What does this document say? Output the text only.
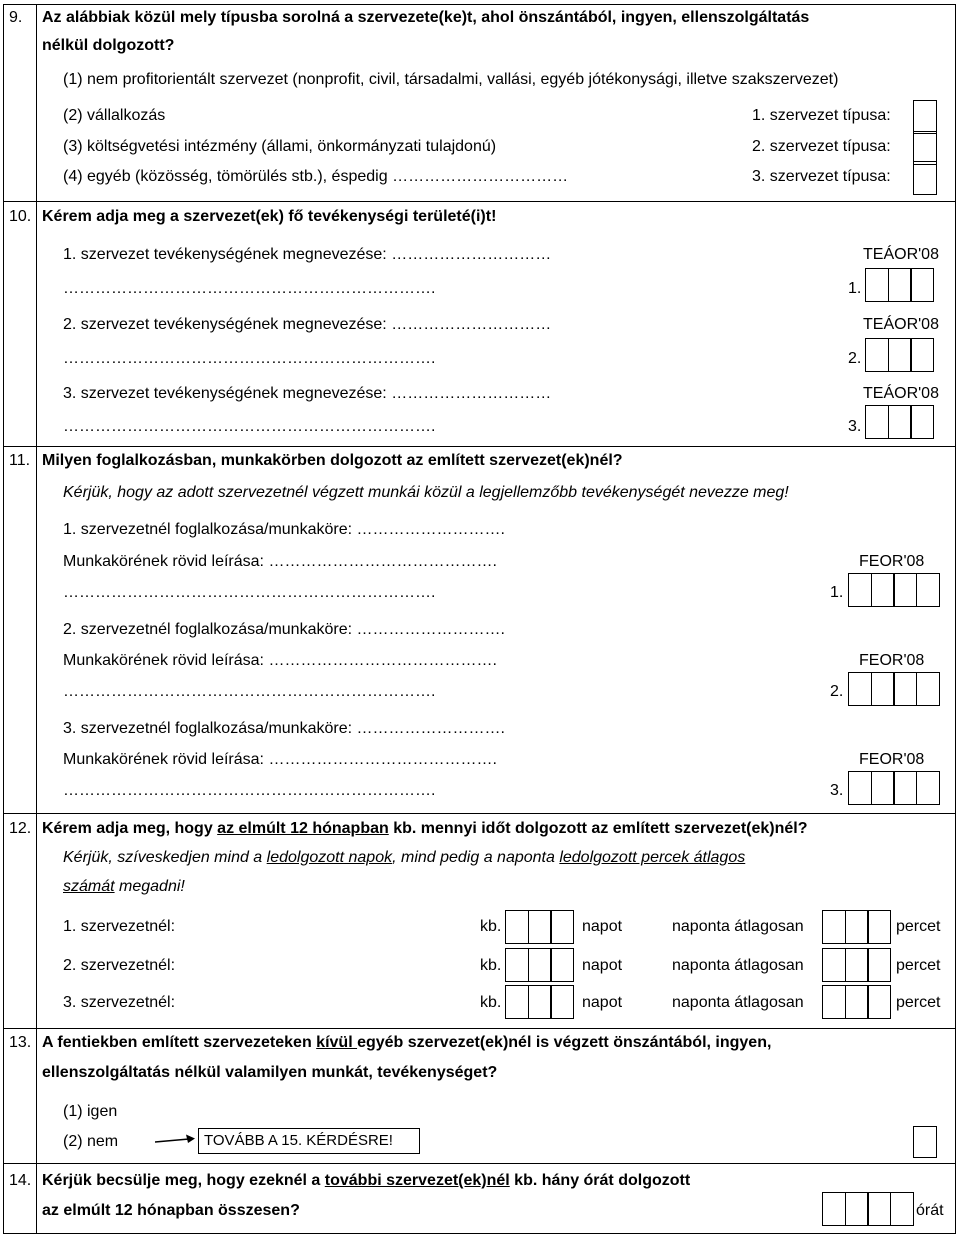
9. Az alábbiak közül mely típusba sorolná a szervezete(ke)t, ahol önszántából, ingyen, ellenszolgáltatás
nélkül dolgozott?
(1) nem profitorientált szervezet (nonprofit, civil, társadalmi, vallási, egyéb jótékonysági, illetve szakszervezet)
(2) vállalkozás
(3) költségvetési intézmény (állami, önkormányzati tulajdonú)
(4) egyéb (közösség, tömörülés stb.), éspedig ……………………………
1. szervezet típusa:
2. szervezet típusa:
3. szervezet típusa:
10. Kérem adja meg a szervezet(ek) fő tevékenységi területé(i)t!
1. szervezet tevékenységének megnevezése: …………………………
…………………………………………………………….
TEÁOR'08
1.
2. szervezet tevékenységének megnevezése: …………………………
…………………………………………………………….
TEÁOR'08
2.
3. szervezet tevékenységének megnevezése: …………………………
…………………………………………………………….
TEÁOR'08
3.
11. Milyen foglalkozásban, munkakörben dolgozott az említett szervezet(ek)nél?
Kérjük, hogy az adott szervezetnél végzett munkái közül a legjellemzőbb tevékenységét nevezze meg!
1. szervezetnél foglalkozása/munkaköre: ……………………….
Munkakörének rövid leírása: …………………………………….
…………………………………………………………….
FEOR'08
1.
2. szervezetnél foglalkozása/munkaköre: ……………………….
Munkakörének rövid leírása: …………………………………….
…………………………………………………………….
FEOR'08
2.
3. szervezetnél foglalkozása/munkaköre: ……………………….
Munkakörének rövid leírása: …………………………………….
…………………………………………………………….
FEOR'08
3.
12. Kérem adja meg, hogy az elmúlt 12 hónapban kb. mennyi időt dolgozott az említett szervezet(ek)nél?
Kérjük, szíveskedjen mind a ledolgozott napok, mind pedig a naponta ledolgozott percek átlagos
számát megadni!
1. szervezetnél:	kb.	napot	naponta átlagosan	percet
2. szervezetnél:	kb.	napot	naponta átlagosan	percet
3. szervezetnél:	kb.	napot	naponta átlagosan	percet
13. A fentiekben említett szervezeteken kívül egyéb szervezet(ek)nél is végzett önszántából, ingyen,
ellenszolgáltatás nélkül valamilyen munkát, tevékenységet?
(1) igen
(2) nem	TOVÁBB A 15. KÉRDÉSRE!
14. Kérjük becsülje meg, hogy ezeknél a további szervezet(ek)nél kb. hány órát dolgozott
az elmúlt 12 hónapban összesen?	órát
